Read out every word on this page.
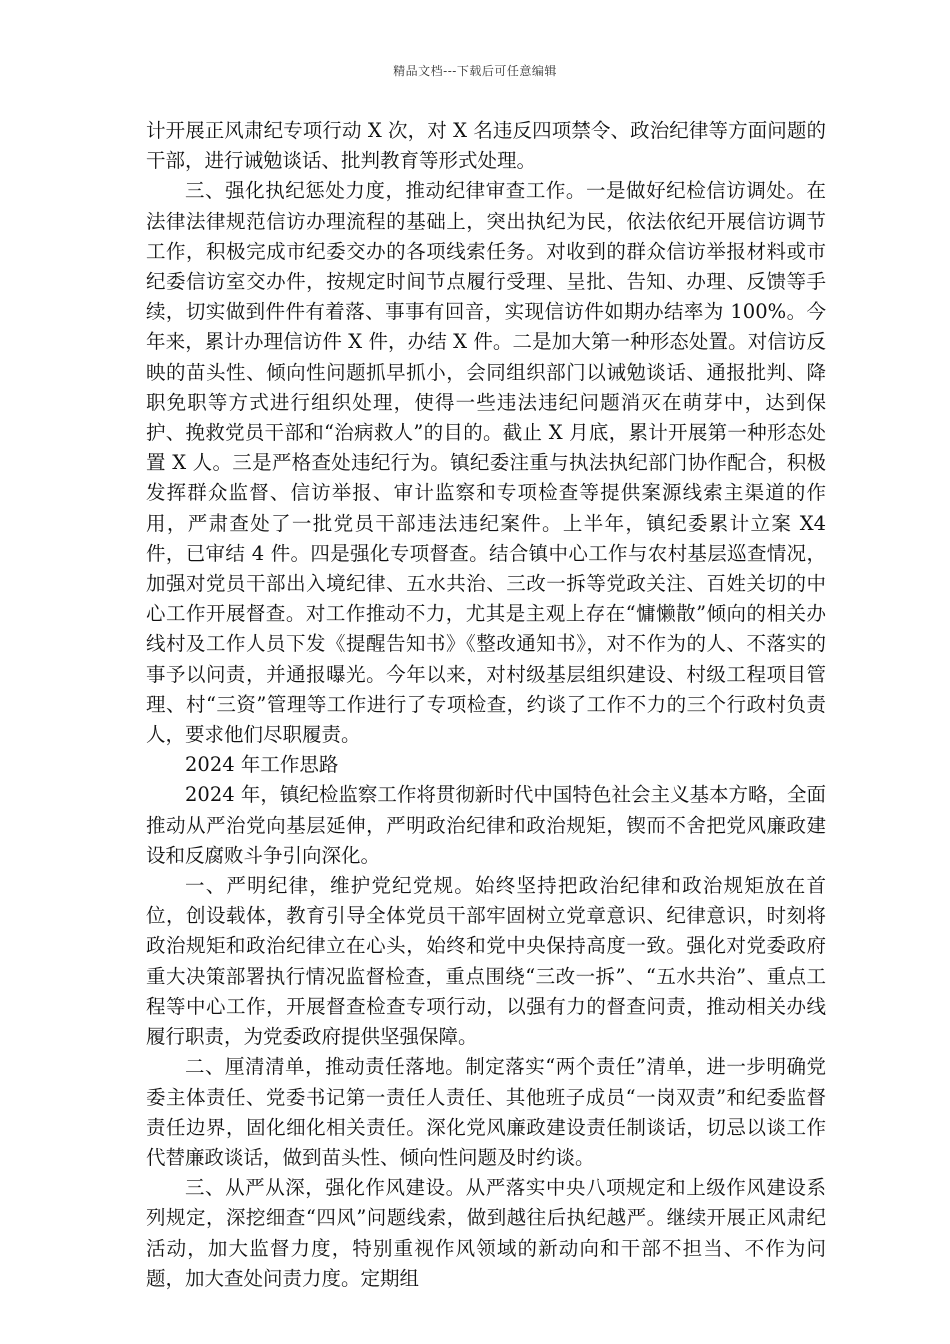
精品文档---下载后可任意编辑

计开展正风肃纪专项行动 X 次，对 X 名违反四项禁令、政治纪律等方面问题的干部，进行诫勉谈话、批判教育等形式处理。

三、强化执纪惩处力度，推动纪律审查工作。一是做好纪检信访调处。在法律法律规范信访办理流程的基础上，突出执纪为民，依法依纪开展信访调节工作，积极完成市纪委交办的各项线索任务。对收到的群众信访举报材料或市纪委信访室交办件，按规定时间节点履行受理、呈批、告知、办理、反馈等手续，切实做到件件有着落、事事有回音，实现信访件如期办结率为 100%。今年来，累计办理信访件 X 件，办结 X 件。二是加大第一种形态处置。对信访反映的苗头性、倾向性问题抓早抓小，会同组织部门以诫勉谈话、通报批判、降职免职等方式进行组织处理，使得一些违法违纪问题消灭在萌芽中，达到保护、挽救党员干部和“治病救人”的目的。截止 X 月底，累计开展第一种形态处置 X 人。三是严格查处违纪行为。镇纪委注重与执法执纪部门协作配合，积极发挥群众监督、信访举报、审计监察和专项检查等提供案源线索主渠道的作用，严肃查处了一批党员干部违法违纪案件。上半年，镇纪委累计立案 X4 件，已审结 4 件。四是强化专项督查。结合镇中心工作与农村基层巡查情况，加强对党员干部出入境纪律、五水共治、三改一拆等党政关注、百姓关切的中心工作开展督查。对工作推动不力，尤其是主观上存在“慵懒散”倾向的相关办线村及工作人员下发《提醒告知书》《整改通知书》，对不作为的人、不落实的事予以问责，并通报曝光。今年以来，对村级基层组织建设、村级工程项目管理、村“三资”管理等工作进行了专项检查，约谈了工作不力的三个行政村负责人，要求他们尽职履责。

2024 年工作思路

2024 年，镇纪检监察工作将贯彻新时代中国特色社会主义基本方略，全面推动从严治党向基层延伸，严明政治纪律和政治规矩，锲而不舍把党风廉政建设和反腐败斗争引向深化。

一、严明纪律，维护党纪党规。始终坚持把政治纪律和政治规矩放在首位，创设载体，教育引导全体党员干部牢固树立党章意识、纪律意识，时刻将政治规矩和政治纪律立在心头，始终和党中央保持高度一致。强化对党委政府重大决策部署执行情况监督检查，重点围绕“三改一拆”、“五水共治”、重点工程等中心工作，开展督查检查专项行动，以强有力的督查问责，推动相关办线履行职责，为党委政府提供坚强保障。

二、厘清清单，推动责任落地。制定落实“两个责任”清单，进一步明确党委主体责任、党委书记第一责任人责任、其他班子成员“一岗双责”和纪委监督责任边界，固化细化相关责任。深化党风廉政建设责任制谈话，切忌以谈工作代替廉政谈话，做到苗头性、倾向性问题及时约谈。

三、从严从深，强化作风建设。从严落实中央八项规定和上级作风建设系列规定，深挖细查“四风”问题线索，做到越往后执纪越严。继续开展正风肃纪活动，加大监督力度，特别重视作风领域的新动向和干部不担当、不作为问题，加大查处问责力度。定期组
